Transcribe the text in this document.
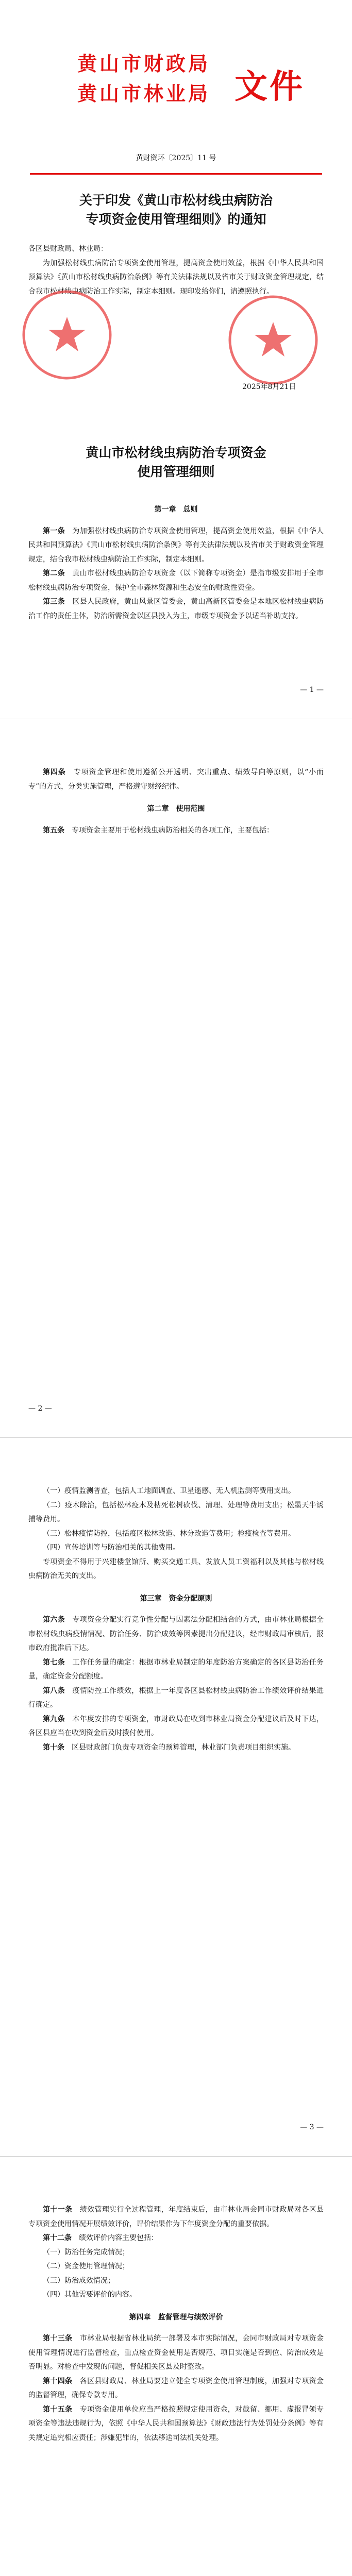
黄山市财政局
黄山市林业局 文件
黄财资环〔2025〕11 号
关于印发《黄山市松材线虫病防治
专项资金使用管理细则》的通知

各区县财政局、林业局：

为加强松材线虫病防治专项资金使用管理，提高资金使用效益，根据《中华人民共和国预算法》《黄山市松材线虫病防治条例》等有关法律法规以及省市关于财政资金管理规定，结合我市松材线虫病防治工作实际，制定本细则。现印发给你们，请遵照执行。

2025年8月21日
黄山市松材线虫病防治专项资金
使用管理细则

第一章　总则

第一条　 为加强松材线虫病防治专项资金使用管理，提高资金使用效益，根据《中华人民共和国预算法》《黄山市松材线虫病防治条例》等有关法律法规以及省市关于财政资金管理规定，结合我市松材线虫病防治工作实际，制定本细则。

第二条　 黄山市松材线虫病防治专项资金（以下简称专项资金）是指市级安排用于全市松材线虫病防治专项资金，保护全市森林资源和生态安全的财政性资金。

第三条　 区县人民政府，黄山风景区管委会，黄山高新区管委会是本地区松材线虫病防治工作的责任主体，防治所需资金以区县投入为主，市级专项资金予以适当补助支持。

— 1 —

第四条　 专项资金管理和使用遵循公开透明、突出重点、绩效导向等原则，以“小而专”的方式，分类实施管理，严格遵守财经纪律。

第二章　使用范围

第五条　 专项资金主要用于松材线虫病防治相关的各项工作，主要包括：

— 2 —

（一）疫情监测普查，包括人工地面调查、卫星遥感、无人机监测等费用支出。

（二）疫木除治，包括松林疫木及枯死松树砍伐、清理、处理等费用支出；松墨天牛诱捕等费用。

（三）松林疫情防控，包括疫区松林改造、林分改造等费用；检疫检查等费用。

（四）宣传培训等与防治相关的其他费用。

专项资金不得用于兴建楼堂馆所、购买交通工具、发放人员工资福利以及其他与松材线虫病防治无关的支出。

第三章　资金分配原则

第六条　 专项资金分配实行竞争性分配与因素法分配相结合的方式，由市林业局根据全市松材线虫病疫情情况、防治任务、防治成效等因素提出分配建议，经市财政局审核后，报市政府批准后下达。

第七条　 工作任务量的确定：根据市林业局制定的年度防治方案确定的各区县防治任务量，确定资金分配额度。

第八条　 疫情防控工作绩效，根据上一年度各区县松材线虫病防治工作绩效评价结果进行确定。

第九条　 本年度安排的专项资金，市财政局在收到市林业局资金分配建议后及时下达，各区县应当在收到资金后及时拨付使用。

第十条　 区县财政部门负责专项资金的预算管理，林业部门负责项目组织实施。

— 3 —

第十一条　 绩效管理实行全过程管理，年度结束后，由市林业局会同市财政局对各区县专项资金使用情况开展绩效评价，评价结果作为下年度资金分配的重要依据。

第十二条　 绩效评价内容主要包括：

（一）防治任务完成情况；

（二）资金使用管理情况；

（三）防治成效情况；

（四）其他需要评价的内容。

第四章　监督管理与绩效评价

第十三条　 市林业局根据省林业局统一部署及本市实际情况，会同市财政局对专项资金使用管理情况进行监督检查，重点检查资金使用是否规范、项目实施是否到位、防治成效是否明显。对检查中发现的问题，督促相关区县及时整改。

第十四条　 各区县财政局、林业局要建立健全专项资金使用管理制度，加强对专项资金的监督管理，确保专款专用。

第十五条　 专项资金使用单位应当严格按照规定使用资金，对截留、挪用、虚报冒领专项资金等违法违规行为，依照《中华人民共和国预算法》《财政违法行为处罚处分条例》等有关规定追究相应责任；涉嫌犯罪的，依法移送司法机关处理。
